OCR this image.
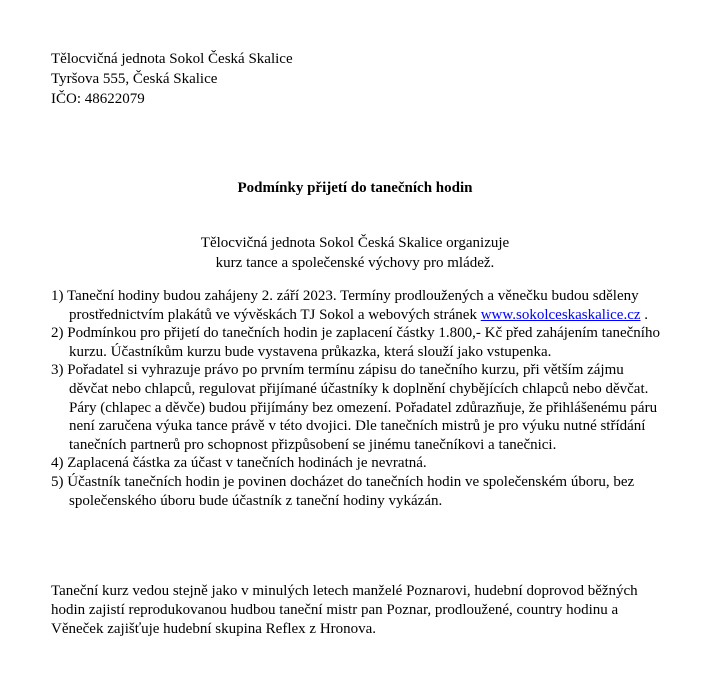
Tělocvičná jednota Sokol Česká Skalice
Tyršova 555, Česká Skalice
IČO: 48622079
Podmínky přijetí do tanečních hodin
Tělocvičná jednota Sokol Česká Skalice organizuje
kurz tance a společenské výchovy pro mládež.
1) Taneční hodiny budou zahájeny 2. září 2023. Termíny prodloužených a věnečku budou sděleny prostřednictvím plakátů ve vývěskách TJ Sokol a webových stránek www.sokolceskaskalice.cz .
2) Podmínkou pro přijetí do tanečních hodin je zaplacení částky 1.800,- Kč před zahájením tanečního kurzu. Účastníkům kurzu bude vystavena průkazka, která slouží jako vstupenka.
3) Pořadatel si vyhrazuje právo po prvním termínu zápisu do tanečního kurzu, při větším zájmu děvčat nebo chlapců, regulovat přijímané účastníky k doplnění chybějících chlapců nebo děvčat. Páry (chlapec a děvče) budou přijímány bez omezení. Pořadatel zdůrazňuje, že přihlášenému páru není zaručena výuka tance právě v této dvojici. Dle tanečních mistrů je pro výuku nutné střídání tanečních partnerů pro schopnost přizpůsobení se jinému tanečníkovi a tanečnici.
4) Zaplacená částka za účast v tanečních hodinách je nevratná.
5) Účastník tanečních hodin je povinen docházet do tanečních hodin ve společenském úboru, bez společenského úboru bude účastník z taneční hodiny vykázán.
Taneční kurz vedou stejně jako v minulých letech manželé Poznarovi, hudební doprovod běžných hodin zajistí reprodukovanou hudbou taneční mistr pan Poznar, prodloužené, country hodinu a Věneček zajišťuje hudební skupina Reflex z Hronova.
